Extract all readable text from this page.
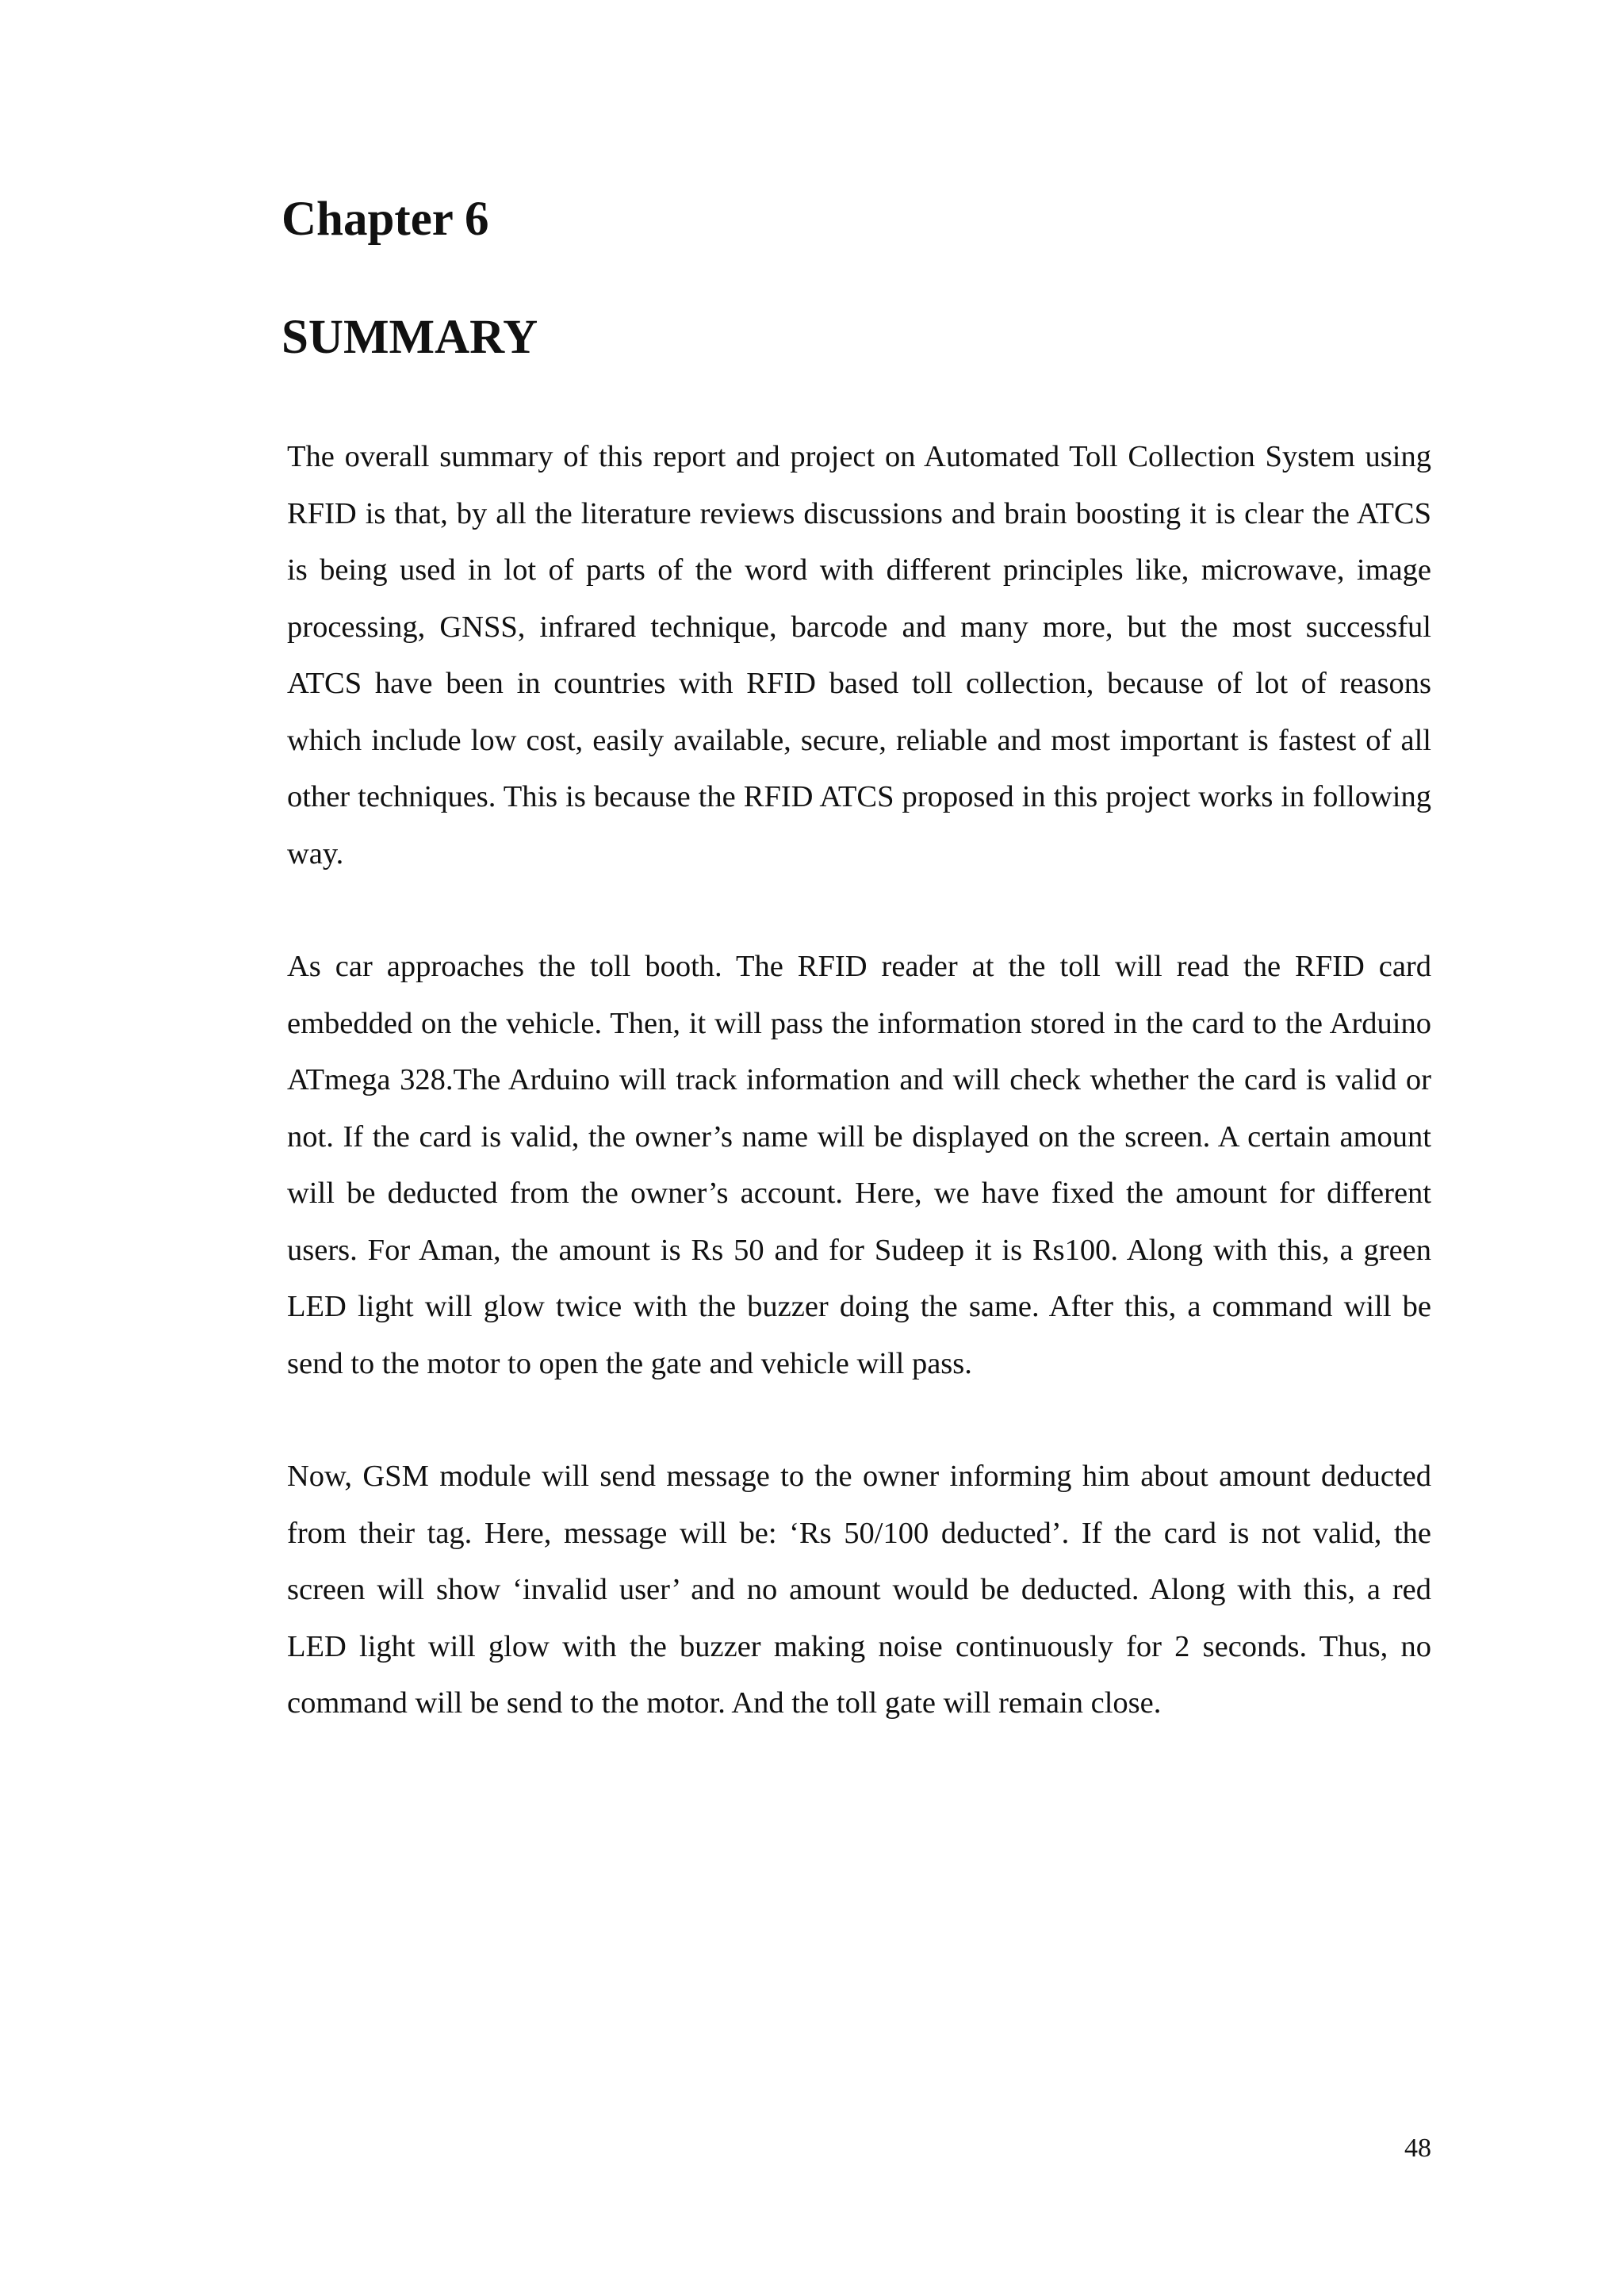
Chapter 6
SUMMARY

The overall summary of this report and project on Automated Toll Collection System using RFID is that, by all the literature reviews discussions and brain boosting it is clear the ATCS is being used in lot of parts of the word with different principles like, microwave, image processing, GNSS, infrared technique, barcode and many more, but the most successful ATCS have been in countries with RFID based toll collection, because of lot of reasons which include low cost, easily available, secure, reliable and most important is fastest of all other techniques. This is because the RFID ATCS proposed in this project works in following way.

As car approaches the toll booth. The RFID reader at the toll will read the RFID card embedded on the vehicle. Then, it will pass the information stored in the card to the Arduino ATmega 328.The Arduino will track information and will check whether the card is valid or not. If the card is valid, the owner’s name will be displayed on the screen. A certain amount will be deducted from the owner’s account. Here, we have fixed the amount for different users. For Aman, the amount is Rs 50 and for Sudeep it is Rs100. Along with this, a green LED light will glow twice with the buzzer doing the same. After this, a command will be send to the motor to open the gate and vehicle will pass.

Now, GSM module will send message to the owner informing him about amount deducted from their tag. Here, message will be: ‘Rs 50/100 deducted’. If the card is not valid, the screen will show ‘invalid user’ and no amount would be deducted. Along with this, a red LED light will glow with the buzzer making noise continuously for 2 seconds. Thus, no command will be send to the motor. And the toll gate will remain close.

48
